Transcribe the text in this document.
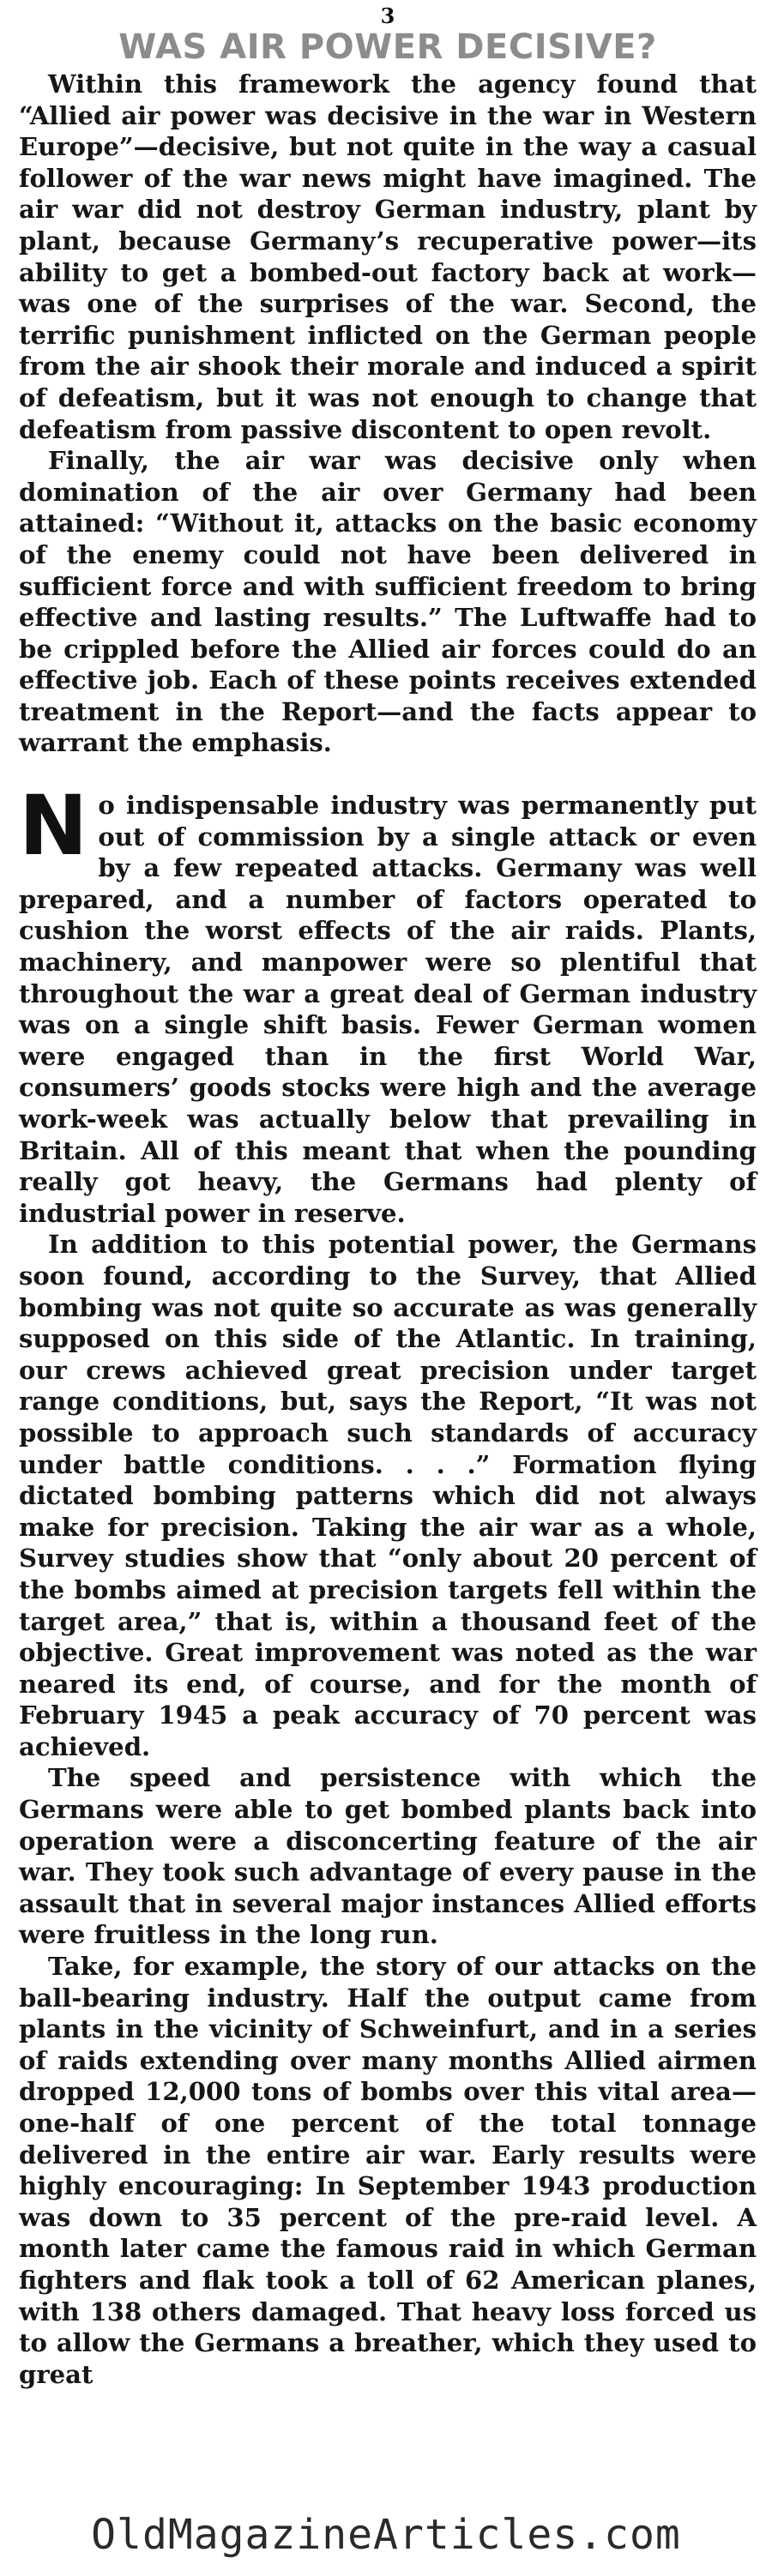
3
WAS AIR POWER DECISIVE?

Within this framework the agency found that “Allied air power was decisive in the war in Western Europe”—decisive, but not quite in the way a casual follower of the war news might have imagined. The air war did not destroy German industry, plant by plant, because Germany’s recuperative power—its ability to get a bombed-out factory back at work—was one of the surprises of the war. Second, the terrific punishment inflicted on the German people from the air shook their morale and induced a spirit of defeatism, but it was not enough to change that defeatism from passive discontent to open revolt.

Finally, the air war was decisive only when domination of the air over Germany had been attained: “Without it, attacks on the basic economy of the enemy could not have been delivered in sufficient force and with sufficient freedom to bring effective and lasting results.” The Luftwaffe had to be crippled before the Allied air forces could do an effective job. Each of these points receives extended treatment in the Report—and the facts appear to warrant the emphasis.

No indispensable industry was permanently put out of commission by a single attack or even by a few repeated attacks. Germany was well prepared, and a number of factors operated to cushion the worst effects of the air raids. Plants, machinery, and manpower were so plentiful that throughout the war a great deal of German industry was on a single shift basis. Fewer German women were engaged than in the first World War, consumers’ goods stocks were high and the average work-week was actually below that prevailing in Britain. All of this meant that when the pounding really got heavy, the Germans had plenty of industrial power in reserve.

In addition to this potential power, the Germans soon found, according to the Survey, that Allied bombing was not quite so accurate as was generally supposed on this side of the Atlantic. In training, our crews achieved great precision under target range conditions, but, says the Report, “It was not possible to approach such standards of accuracy under battle conditions. . . .” Formation flying dictated bombing patterns which did not always make for precision. Taking the air war as a whole, Survey studies show that “only about 20 percent of the bombs aimed at precision targets fell within the target area,” that is, within a thousand feet of the objective. Great improvement was noted as the war neared its end, of course, and for the month of February 1945 a peak accuracy of 70 percent was achieved.

The speed and persistence with which the Germans were able to get bombed plants back into operation were a disconcerting feature of the air war. They took such advantage of every pause in the assault that in several major instances Allied efforts were fruitless in the long run.

Take, for example, the story of our attacks on the ball-bearing industry. Half the output came from plants in the vicinity of Schweinfurt, and in a series of raids extending over many months Allied airmen dropped 12,000 tons of bombs over this vital area—one-half of one percent of the total tonnage delivered in the entire air war. Early results were highly encouraging: In September 1943 production was down to 35 percent of the pre-raid level. A month later came the famous raid in which German fighters and flak took a toll of 62 American planes, with 138 others damaged. That heavy loss forced us to allow the Germans a breather, which they used to great

OldMagazineArticles.com
